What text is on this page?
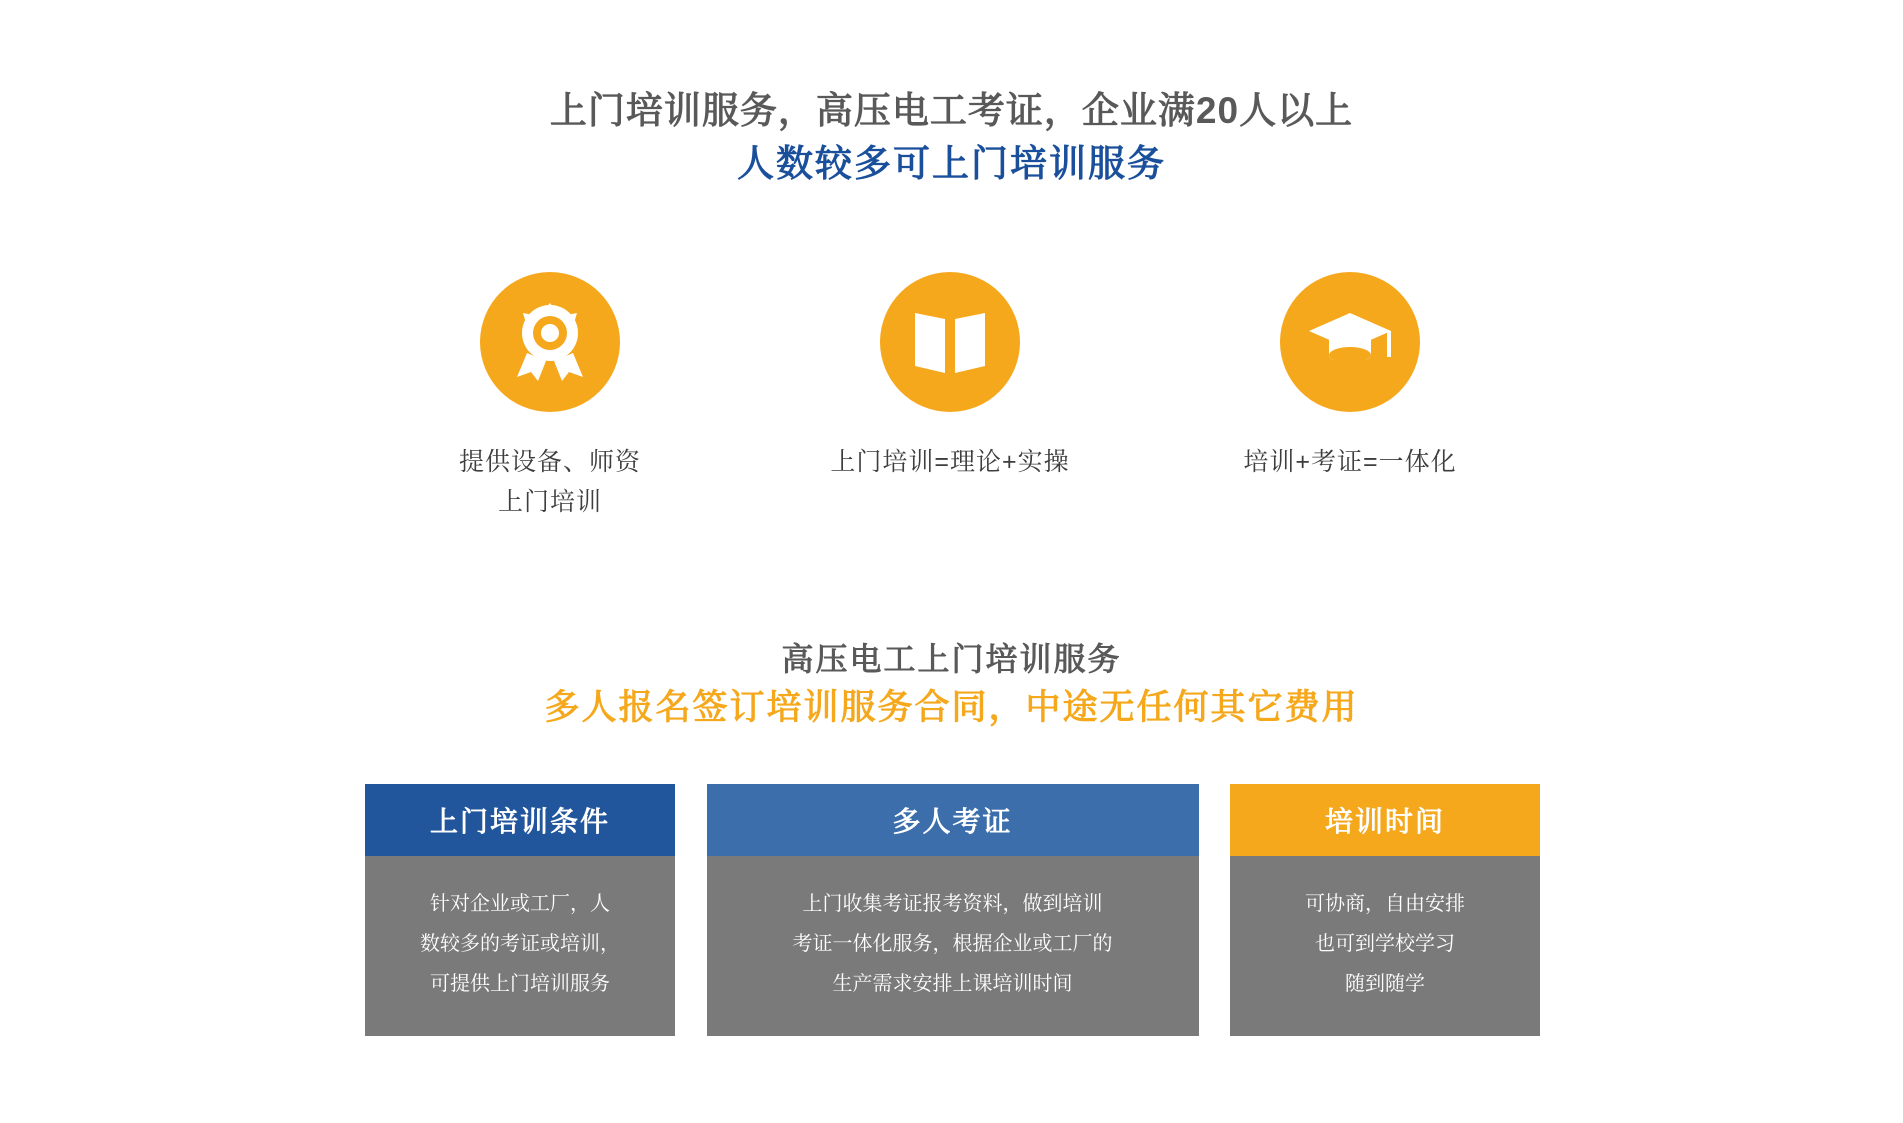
上门培训服务，高压电工考证，企业满20人以上
人数较多可上门培训服务
提供设备、师资
上门培训
上门培训=理论+实操	培训+考证=一体化
高压电工上门培训服务
多人报名签订培训服务合同，中途无任何其它费用
上门培训条件
针对企业或工厂，人
数较多的考证或培训，
可提供上门培训服务
多人考证
上门收集考证报考资料，做到培训
考证一体化服务，根据企业或工厂的
生产需求安排上课培训时间
培训时间
可协商，自由安排
也可到学校学习
随到随学
